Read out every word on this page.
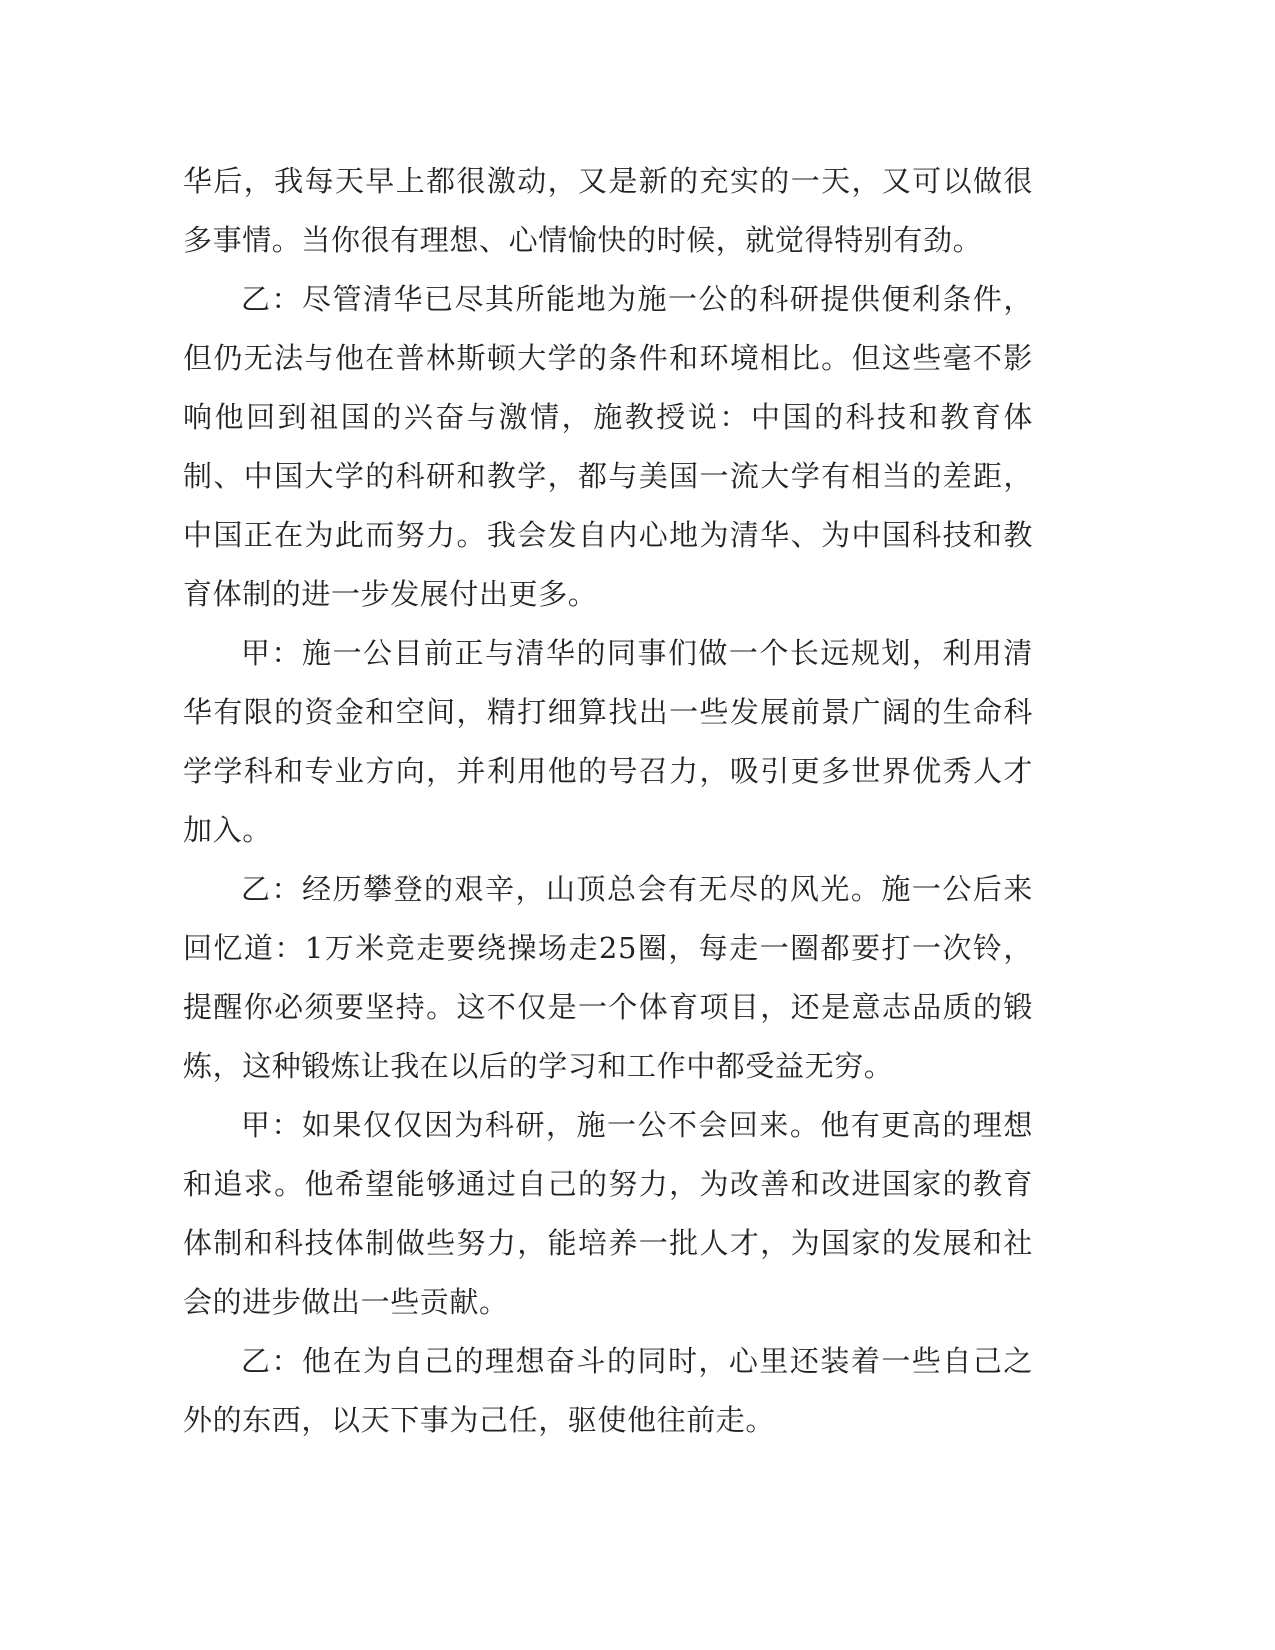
华后，我每天早上都很激动，又是新的充实的一天，又可以做很多事情。当你很有理想、心情愉快的时候，就觉得特别有劲。

乙：尽管清华已尽其所能地为施一公的科研提供便利条件，但仍无法与他在普林斯顿大学的条件和环境相比。但这些毫不影响他回到祖国的兴奋与激情，施教授说：中国的科技和教育体制、中国大学的科研和教学，都与美国一流大学有相当的差距，中国正在为此而努力。我会发自内心地为清华、为中国科技和教育体制的进一步发展付出更多。

甲：施一公目前正与清华的同事们做一个长远规划，利用清华有限的资金和空间，精打细算找出一些发展前景广阔的生命科学学科和专业方向，并利用他的号召力，吸引更多世界优秀人才加入。

乙：经历攀登的艰辛，山顶总会有无尽的风光。施一公后来回忆道：1万米竞走要绕操场走25圈，每走一圈都要打一次铃，提醒你必须要坚持。这不仅是一个体育项目，还是意志品质的锻炼，这种锻炼让我在以后的学习和工作中都受益无穷。

甲：如果仅仅因为科研，施一公不会回来。他有更高的理想和追求。他希望能够通过自己的努力，为改善和改进国家的教育体制和科技体制做些努力，能培养一批人才，为国家的发展和社会的进步做出一些贡献。

乙：他在为自己的理想奋斗的同时，心里还装着一些自己之外的东西，以天下事为己任，驱使他往前走。
